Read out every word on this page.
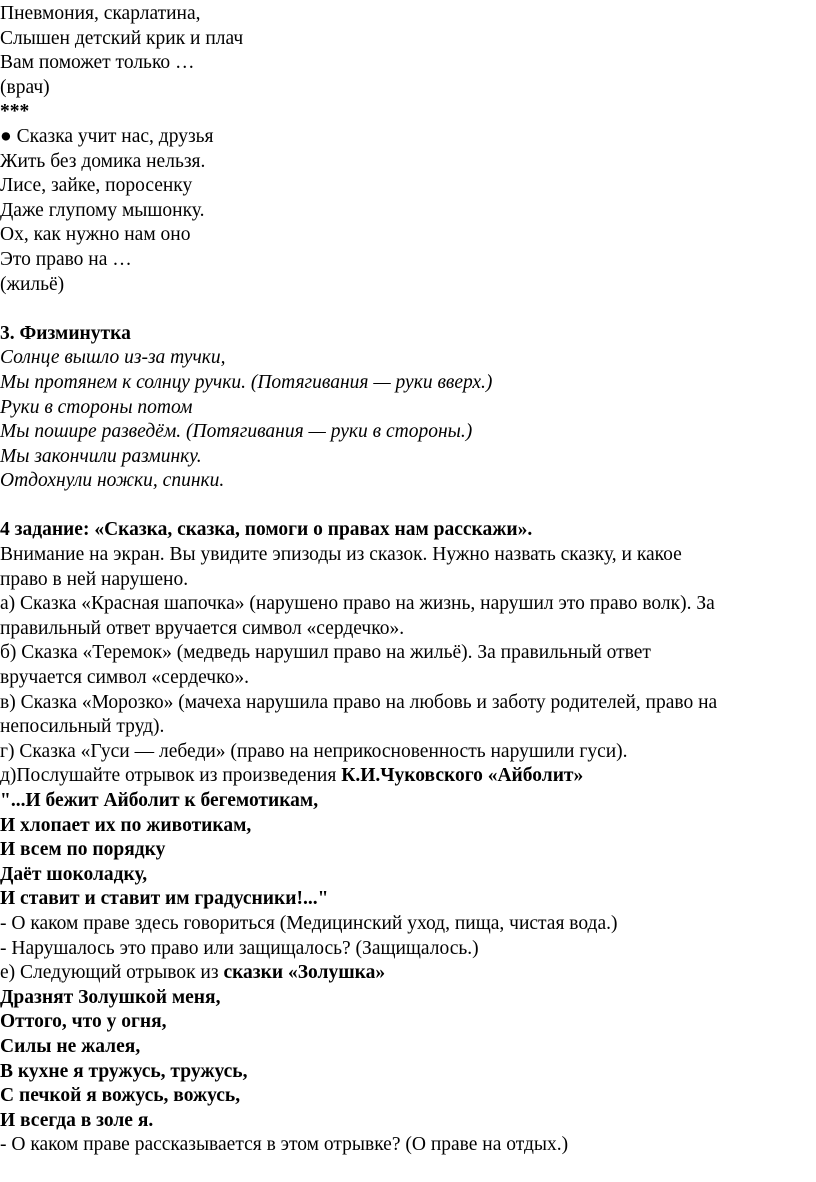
Пневмония, скарлатина,
Слышен детский крик и плач
Вам поможет только …
(врач)
***
● Сказка учит нас, друзья
Жить без домика нельзя.
Лисе, зайке, поросенку
Даже глупому мышонку.
Ох, как нужно нам оно
Это право на …
(жильё)
3. Физминутка
Солнце вышло из-за тучки,
Мы протянем к солнцу ручки. (Потягивания — руки вверх.)
Руки в стороны потом
Мы пошире разведём. (Потягивания — руки в стороны.)
Мы закончили разминку.
Отдохнули ножки, спинки.
4 задание: «Сказка, сказка, помоги о правах нам расскажи».
Внимание на экран. Вы увидите эпизоды из сказок. Нужно назвать сказку, и какое
право в ней нарушено.
а) Сказка «Красная шапочка» (нарушено право на жизнь, нарушил это право волк). За
правильный ответ вручается символ «сердечко».
б) Сказка «Теремок» (медведь нарушил право на жильё). За правильный ответ
вручается символ «сердечко».
в) Сказка «Морозко» (мачеха нарушила право на любовь и заботу родителей, право на
непосильный труд).
г) Сказка «Гуси — лебеди» (право на неприкосновенность нарушили гуси).
д)Послушайте отрывок из произведения К.И.Чуковского «Айболит»
"...И бежит Айболит к бегемотикам,
И хлопает их по животикам,
И всем по порядку
Даёт шоколадку,
И ставит и ставит им градусники!..."
- О каком праве здесь говориться (Медицинский уход, пища, чистая вода.)
- Нарушалось это право или защищалось? (Защищалось.)
е) Следующий отрывок из сказки «Золушка»
Дразнят Золушкой меня,
Оттого, что у огня,
Силы не жалея,
В кухне я тружусь, тружусь,
С печкой я вожусь, вожусь,
И всегда в золе я.
- О каком праве рассказывается в этом отрывке? (О праве на отдых.)
